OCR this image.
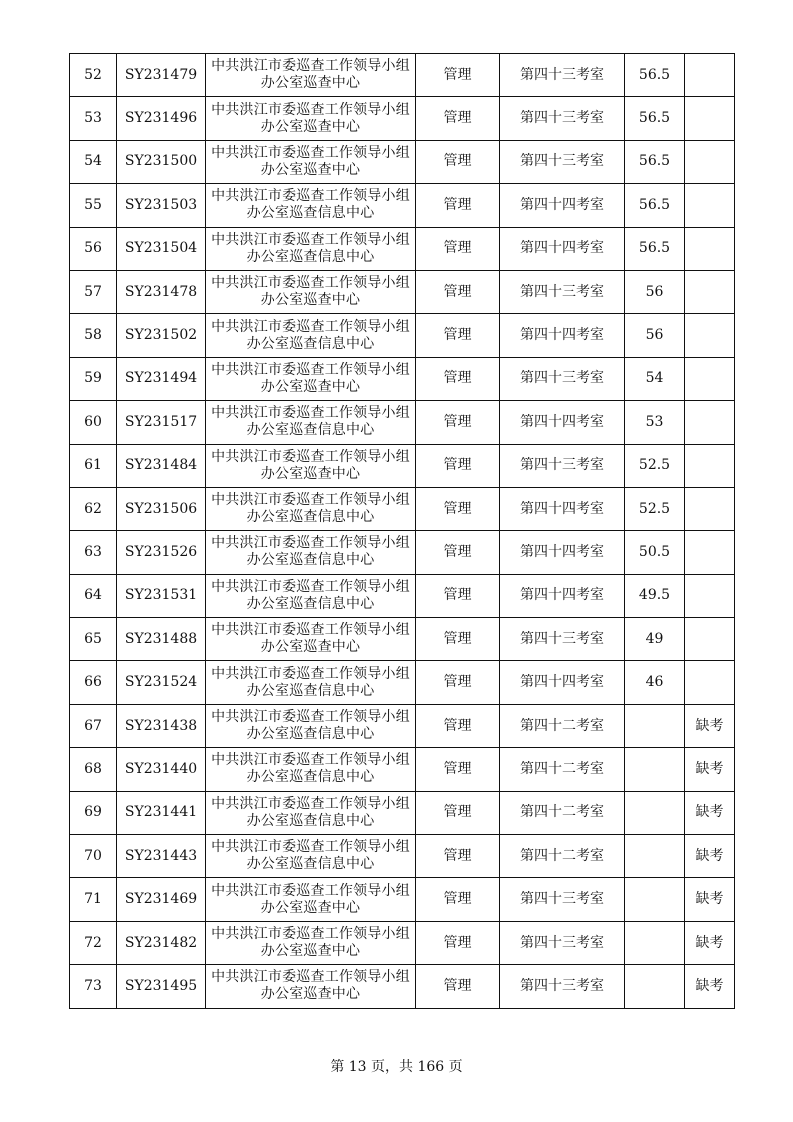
52	SY231479	中共洪江市委巡查工作领导小组
办公室巡查中心	管理	第四十三考室	56.5	
53	SY231496	中共洪江市委巡查工作领导小组
办公室巡查中心	管理	第四十三考室	56.5	
54	SY231500	中共洪江市委巡查工作领导小组
办公室巡查中心	管理	第四十三考室	56.5	
55	SY231503	中共洪江市委巡查工作领导小组
办公室巡查信息中心	管理	第四十四考室	56.5	
56	SY231504	中共洪江市委巡查工作领导小组
办公室巡查信息中心	管理	第四十四考室	56.5	
57	SY231478	中共洪江市委巡查工作领导小组
办公室巡查中心	管理	第四十三考室	56	
58	SY231502	中共洪江市委巡查工作领导小组
办公室巡查信息中心	管理	第四十四考室	56	
59	SY231494	中共洪江市委巡查工作领导小组
办公室巡查中心	管理	第四十三考室	54	
60	SY231517	中共洪江市委巡查工作领导小组
办公室巡查信息中心	管理	第四十四考室	53	
61	SY231484	中共洪江市委巡查工作领导小组
办公室巡查中心	管理	第四十三考室	52.5	
62	SY231506	中共洪江市委巡查工作领导小组
办公室巡查信息中心	管理	第四十四考室	52.5	
63	SY231526	中共洪江市委巡查工作领导小组
办公室巡查信息中心	管理	第四十四考室	50.5	
64	SY231531	中共洪江市委巡查工作领导小组
办公室巡查信息中心	管理	第四十四考室	49.5	
65	SY231488	中共洪江市委巡查工作领导小组
办公室巡查中心	管理	第四十三考室	49	
66	SY231524	中共洪江市委巡查工作领导小组
办公室巡查信息中心	管理	第四十四考室	46	
67	SY231438	中共洪江市委巡查工作领导小组
办公室巡查信息中心	管理	第四十二考室		缺考
68	SY231440	中共洪江市委巡查工作领导小组
办公室巡查信息中心	管理	第四十二考室		缺考
69	SY231441	中共洪江市委巡查工作领导小组
办公室巡查信息中心	管理	第四十二考室		缺考
70	SY231443	中共洪江市委巡查工作领导小组
办公室巡查信息中心	管理	第四十二考室		缺考
71	SY231469	中共洪江市委巡查工作领导小组
办公室巡查中心	管理	第四十三考室		缺考
72	SY231482	中共洪江市委巡查工作领导小组
办公室巡查中心	管理	第四十三考室		缺考
73	SY231495	中共洪江市委巡查工作领导小组
办公室巡查中心	管理	第四十三考室		缺考
第 13 页，共 166 页
